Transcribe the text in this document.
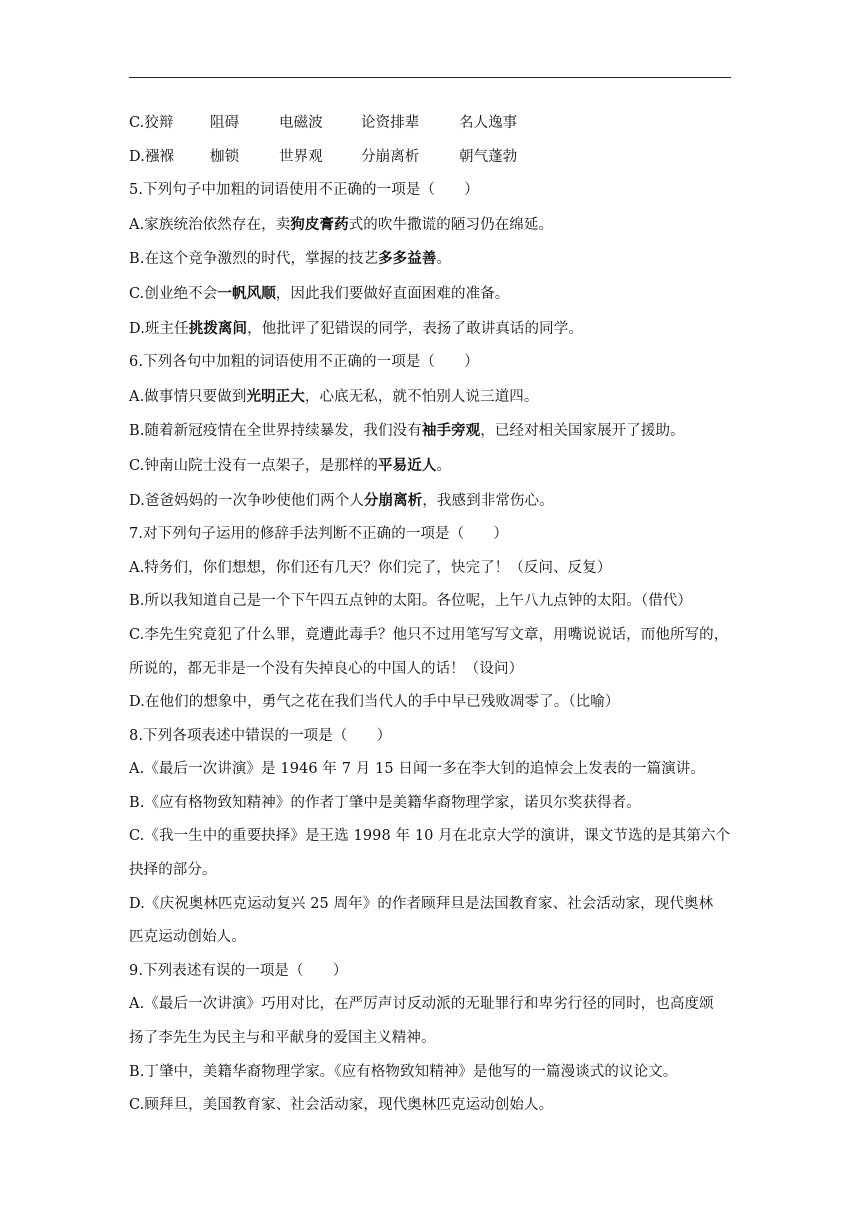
C.狡辩	阻碍	电磁波	论资排辈	名人逸事
D.襁褓	枷锁	世界观	分崩离析	朝气蓬勃
5.下列句子中加粗的词语使用不正确的一项是（　　）
A.家族统治依然存在，卖狗皮膏药式的吹牛撒谎的陋习仍在绵延。
B.在这个竞争激烈的时代，掌握的技艺多多益善。
C.创业绝不会一帆风顺，因此我们要做好直面困难的准备。
D.班主任挑拨离间，他批评了犯错误的同学，表扬了敢讲真话的同学。
6.下列各句中加粗的词语使用不正确的一项是（　　）
A.做事情只要做到光明正大，心底无私，就不怕别人说三道四。
B.随着新冠疫情在全世界持续暴发，我们没有袖手旁观，已经对相关国家展开了援助。
C.钟南山院士没有一点架子，是那样的平易近人。
D.爸爸妈妈的一次争吵使他们两个人分崩离析，我感到非常伤心。
7.对下列句子运用的修辞手法判断不正确的一项是（　　）
A.特务们，你们想想，你们还有几天？你们完了，快完了！（反问、反复）
B.所以我知道自己是一个下午四五点钟的太阳。各位呢，上午八九点钟的太阳。（借代）
C.李先生究竟犯了什么罪，竟遭此毒手？他只不过用笔写写文章，用嘴说说话，而他所写的，
所说的，都无非是一个没有失掉良心的中国人的话！（设问）
D.在他们的想象中，勇气之花在我们当代人的手中早已残败凋零了。（比喻）
8.下列各项表述中错误的一项是（　　）
A.《最后一次讲演》是 1946 年 7 月 15 日闻一多在李大钊的追悼会上发表的一篇演讲。
B.《应有格物致知精神》的作者丁肇中是美籍华裔物理学家，诺贝尔奖获得者。
C.《我一生中的重要抉择》是王选 1998 年 10 月在北京大学的演讲，课文节选的是其第六个
抉择的部分。
D.《庆祝奥林匹克运动复兴 25 周年》的作者顾拜旦是法国教育家、社会活动家，现代奥林
匹克运动创始人。
9.下列表述有误的一项是（　　）
A.《最后一次讲演》巧用对比，在严厉声讨反动派的无耻罪行和卑劣行径的同时，也高度颂
扬了李先生为民主与和平献身的爱国主义精神。
B.丁肇中，美籍华裔物理学家。《应有格物致知精神》是他写的一篇漫谈式的议论文。
C.顾拜旦，美国教育家、社会活动家，现代奥林匹克运动创始人。
